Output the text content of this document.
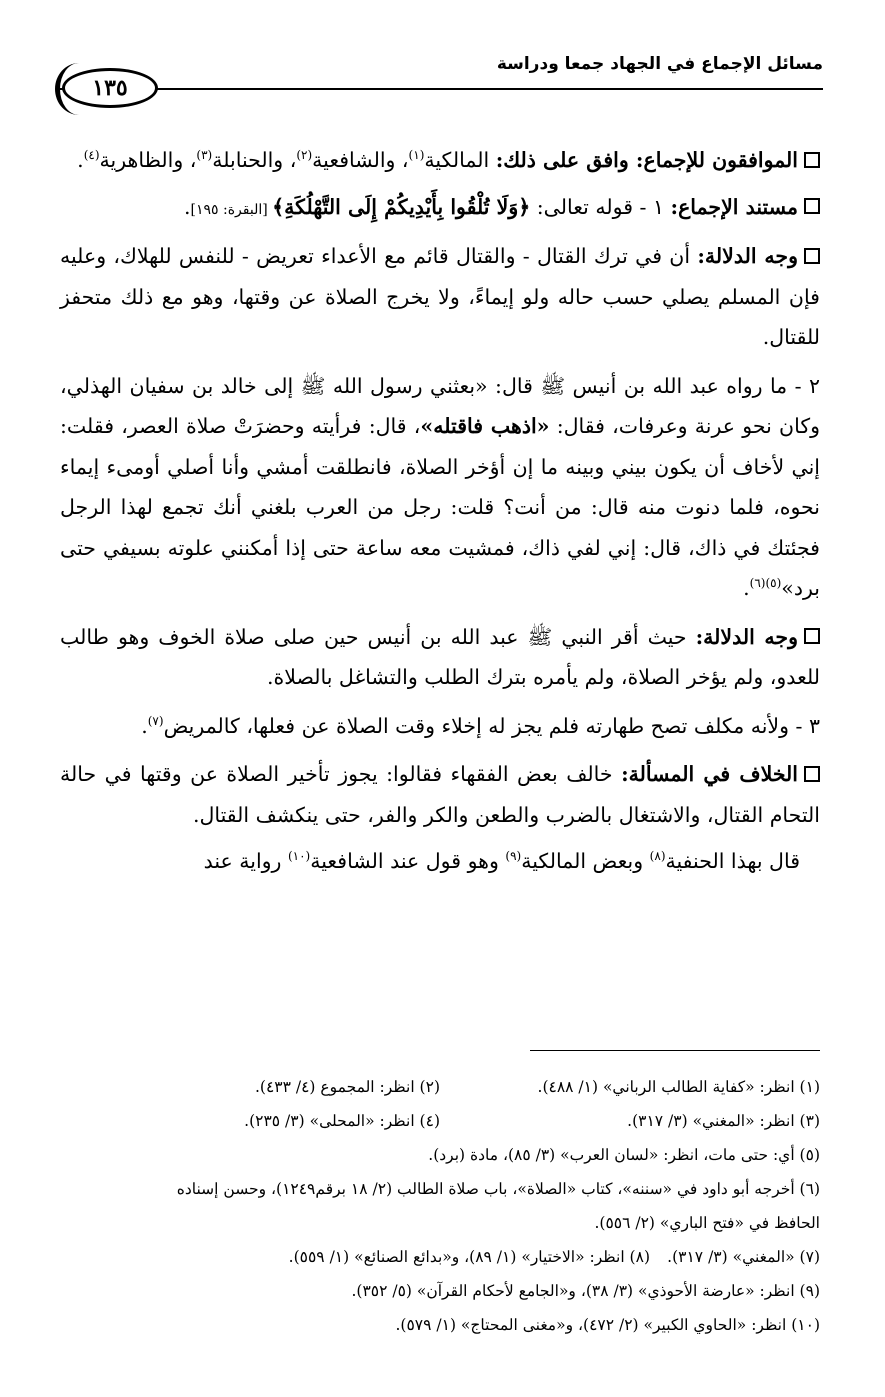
مسائل الإجماع في الجهاد جمعا ودراسة
١٣٥

الموافقون للإجماع: وافق على ذلك: المالكية$^{(١)}$، والشافعية$^{(٢)}$، والحنابلة$^{(٣)}$، والظاهرية$^{(٤)}$.

مستند الإجماع: ١ - قوله تعالى: ﴿وَلَا تُلْقُوا بِأَيْدِيكُمْ إِلَى التَّهْلُكَةِ﴾ [البقرة: ١٩٥].

وجه الدلالة: أن في ترك القتال - والقتال قائم مع الأعداء تعريض - للنفس للهلاك، وعليه فإن المسلم يصلي حسب حاله ولو إيماءً، ولا يخرج الصلاة عن وقتها، وهو مع ذلك متحفز للقتال.

٢ - ما رواه عبد الله بن أنيس ﷺ قال: «بعثني رسول الله ﷺ إلى خالد بن سفيان الهذلي، وكان نحو عرنة وعرفات، فقال: «اذهب فاقتله»، قال: فرأيته وحضرَتْ صلاة العصر، فقلت: إني لأخاف أن يكون بيني وبينه ما إن أؤخر الصلاة، فانطلقت أمشي وأنا أصلي أومىء إيماء نحوه، فلما دنوت منه قال: من أنت؟ قلت: رجل من العرب بلغني أنك تجمع لهذا الرجل فجئتك في ذاك، قال: إني لفي ذاك، فمشيت معه ساعة حتى إذا أمكنني علوته بسيفي حتى برد»$^{(٥)(٦)}$.

وجه الدلالة: حيث أقر النبي ﷺ عبد الله بن أنيس حين صلى صلاة الخوف وهو طالب للعدو، ولم يؤخر الصلاة، ولم يأمره بترك الطلب والتشاغل بالصلاة.

٣ - ولأنه مكلف تصح طهارته فلم يجز له إخلاء وقت الصلاة عن فعلها، كالمريض$^{(٧)}$.

الخلاف في المسألة: خالف بعض الفقهاء فقالوا: يجوز تأخير الصلاة عن وقتها في حالة التحام القتال، والاشتغال بالضرب والطعن والكر والفر، حتى ينكشف القتال.

قال بهذا الحنفية$^{(٨)}$ وبعض المالكية$^{(٩)}$ وهو قول عند الشافعية$^{(١٠)}$ رواية عند

(١) انظر: «كفاية الطالب الرباني» (١/ ٤٨٨).
(٢) انظر: المجموع (٤/ ٤٣٣).
(٣) انظر: «المغني» (٣/ ٣١٧).
(٤) انظر: «المحلى» (٣/ ٢٣٥).
(٥) أي: حتى مات، انظر: «لسان العرب» (٣/ ٨٥)، مادة (برد).
(٦) أخرجه أبو داود في «سننه»، كتاب «الصلاة»، باب صلاة الطالب (٢/ ١٨ برقم١٢٤٩)، وحسن إسناده
الحافظ في «فتح الباري» (٢/ ٥٥٦).
(٧) «المغني» (٣/ ٣١٧).
(٨) انظر: «الاختيار» (١/ ٨٩)، و«بدائع الصنائع» (١/ ٥٥٩).
(٩) انظر: «عارضة الأحوذي» (٣/ ٣٨)، و«الجامع لأحكام القرآن» (٥/ ٣٥٢).
(١٠) انظر: «الحاوي الكبير» (٢/ ٤٧٢)، و«مغنى المحتاج» (١/ ٥٧٩).
